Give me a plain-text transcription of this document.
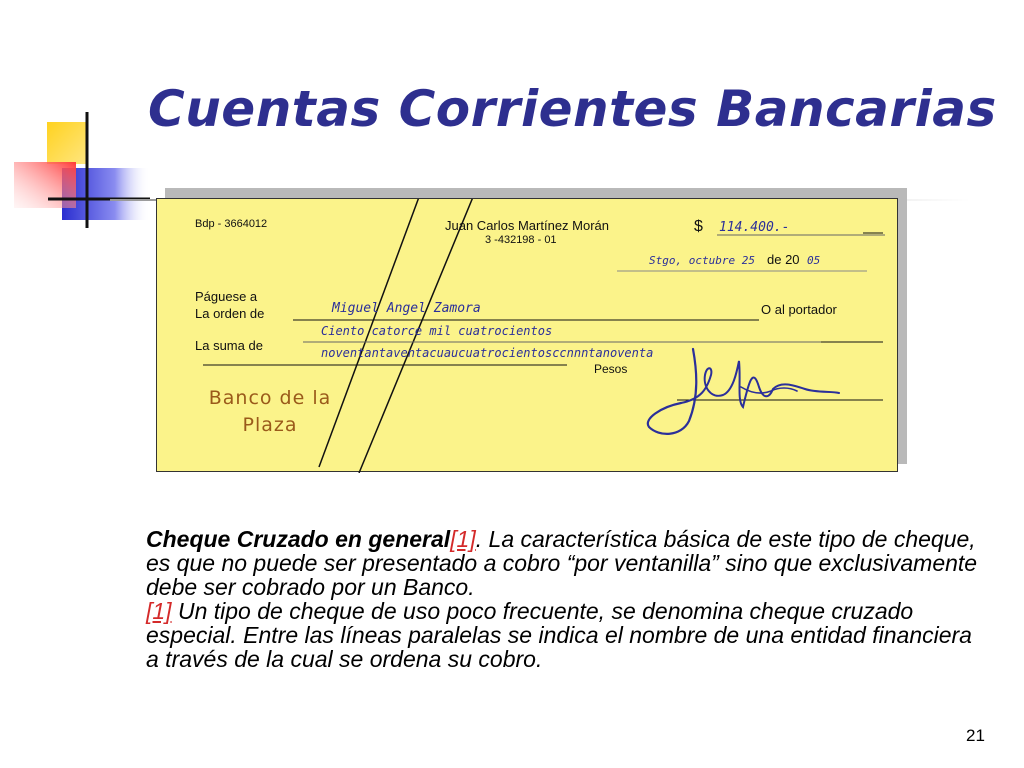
Cuentas Corrientes Bancarias
Bdp - 3664012	Juan Carlos Martínez Morán
3 -432198 - 01
$ 114.400.-
Stgo, octubre 25 de 20 05
Páguese a
La orden de	Miguel Angel Zamora	O al portador
La suma de
Ciento catorce mil cuatrocientos
noventantaventacuaucuatrocientosccnnntanoventa
Pesos
Banco de la
Plaza

Cheque Cruzado en general[1]. La característica básica de este tipo de cheque, es que no puede ser presentado a cobro “por ventanilla” sino que exclusivamente debe ser cobrado por un Banco.
[1] Un tipo de cheque de uso poco frecuente, se denomina cheque cruzado especial. Entre las líneas paralelas se indica el nombre de una entidad financiera a través de la cual se ordena su cobro.

21
